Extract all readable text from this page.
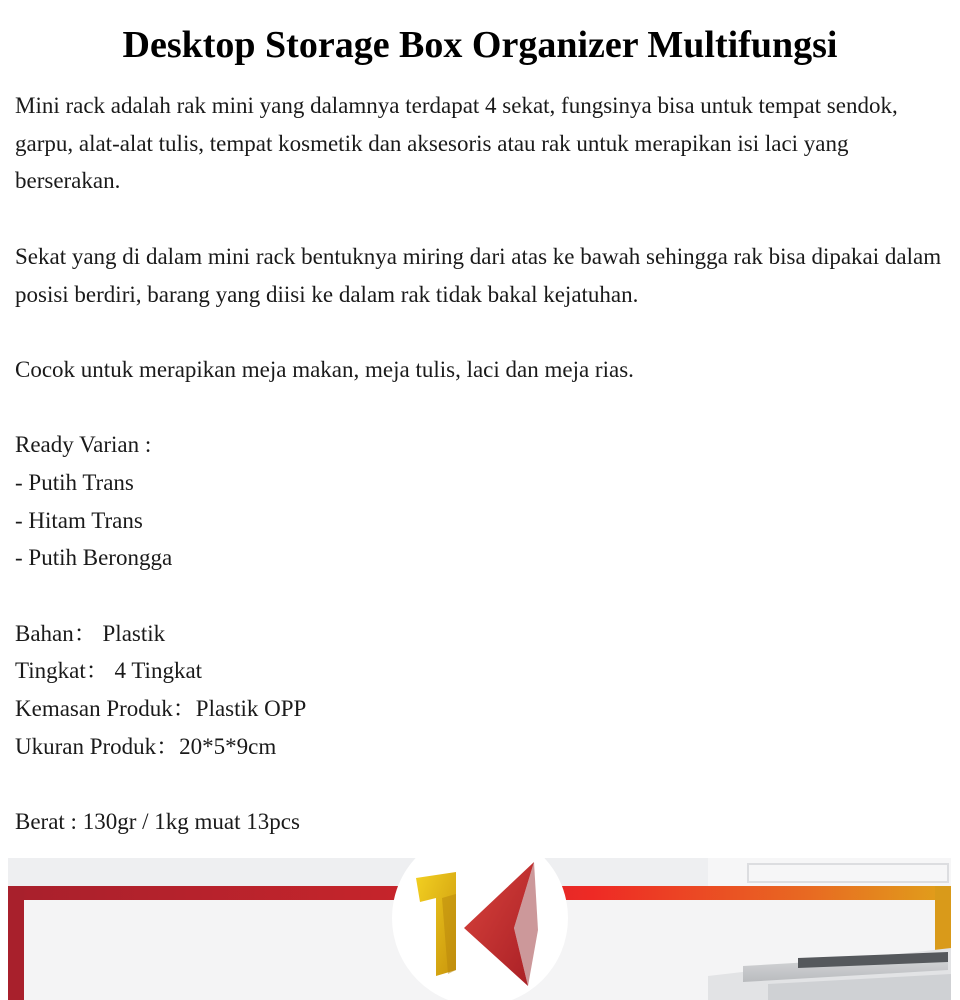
Desktop Storage Box Organizer Multifungsi

Mini rack adalah rak mini yang dalamnya terdapat 4 sekat, fungsinya bisa untuk tempat sendok, garpu, alat-alat tulis, tempat kosmetik dan aksesoris atau rak untuk merapikan isi laci yang berserakan.

Sekat yang di dalam mini rack bentuknya miring dari atas ke bawah sehingga rak bisa dipakai dalam posisi berdiri, barang yang diisi ke dalam rak tidak bakal kejatuhan.

Cocok untuk merapikan meja makan, meja tulis, laci dan meja rias.

Ready Varian :

- Putih Trans

- Hitam Trans

- Putih Berongga

Bahan： Plastik

Tingkat： 4 Tingkat

Kemasan Produk：Plastik OPP

Ukuran Produk：20*5*9cm

Berat : 130gr / 1kg muat 13pcs
